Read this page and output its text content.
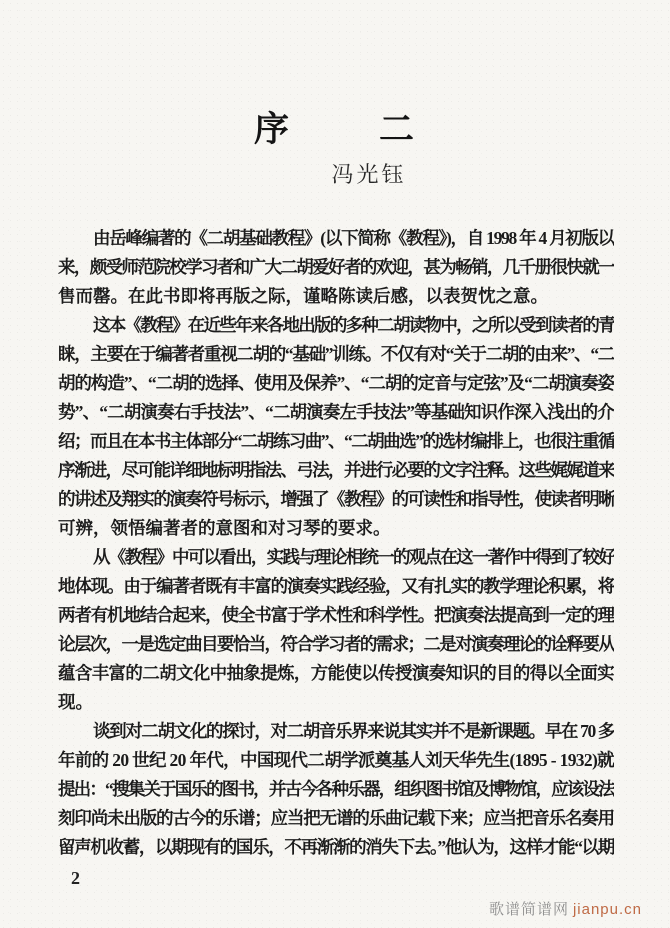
序	二
冯光钰
由岳峰编著的《二胡基础教程》(以下简称《教程》)，自 1998 年 4 月初版以
来，颇受师范院校学习者和广大二胡爱好者的欢迎，甚为畅销，几千册很快就一
售而罄。在此书即将再版之际，谨略陈读后感，以表贺忱之意。
这本《教程》在近些年来各地出版的多种二胡读物中，之所以受到读者的青
睐，主要在于编著者重视二胡的“基础”训练。不仅有对“关于二胡的由来”、“二
胡的构造”、“二胡的选择、使用及保养”、“二胡的定音与定弦”及“二胡演奏姿
势”、“二胡演奏右手技法”、“二胡演奏左手技法”等基础知识作深入浅出的介
绍；而且在本书主体部分“二胡练习曲”、“二胡曲选”的选材编排上，也很注重循
序渐进，尽可能详细地标明指法、弓法，并进行必要的文字注释。这些娓娓道来
的讲述及翔实的演奏符号标示，增强了《教程》的可读性和指导性，使读者明晰
可辨，领悟编著者的意图和对习琴的要求。
从《教程》中可以看出，实践与理论相统一的观点在这一著作中得到了较好
地体现。由于编著者既有丰富的演奏实践经验，又有扎实的教学理论积累，将
两者有机地结合起来，使全书富于学术性和科学性。把演奏法提高到一定的理
论层次，一是选定曲目要恰当，符合学习者的需求；二是对演奏理论的诠释要从
蕴含丰富的二胡文化中抽象提炼，方能使以传授演奏知识的目的得以全面实
现。
谈到对二胡文化的探讨，对二胡音乐界来说其实并不是新课题。早在 70 多
年前的 20 世纪 20 年代，中国现代二胡学派奠基人刘天华先生(1895 - 1932)就
提出：“搜集关于国乐的图书，并古今各种乐器，组织图书馆及博物馆，应该设法
刻印尚未出版的古今的乐谱；应当把无谱的乐曲记载下来；应当把音乐名奏用
留声机收蓄，以期现有的国乐，不再渐渐的消失下去。”他认为，这样才能“以期
2
歌谱简谱网 jianpu.cn
